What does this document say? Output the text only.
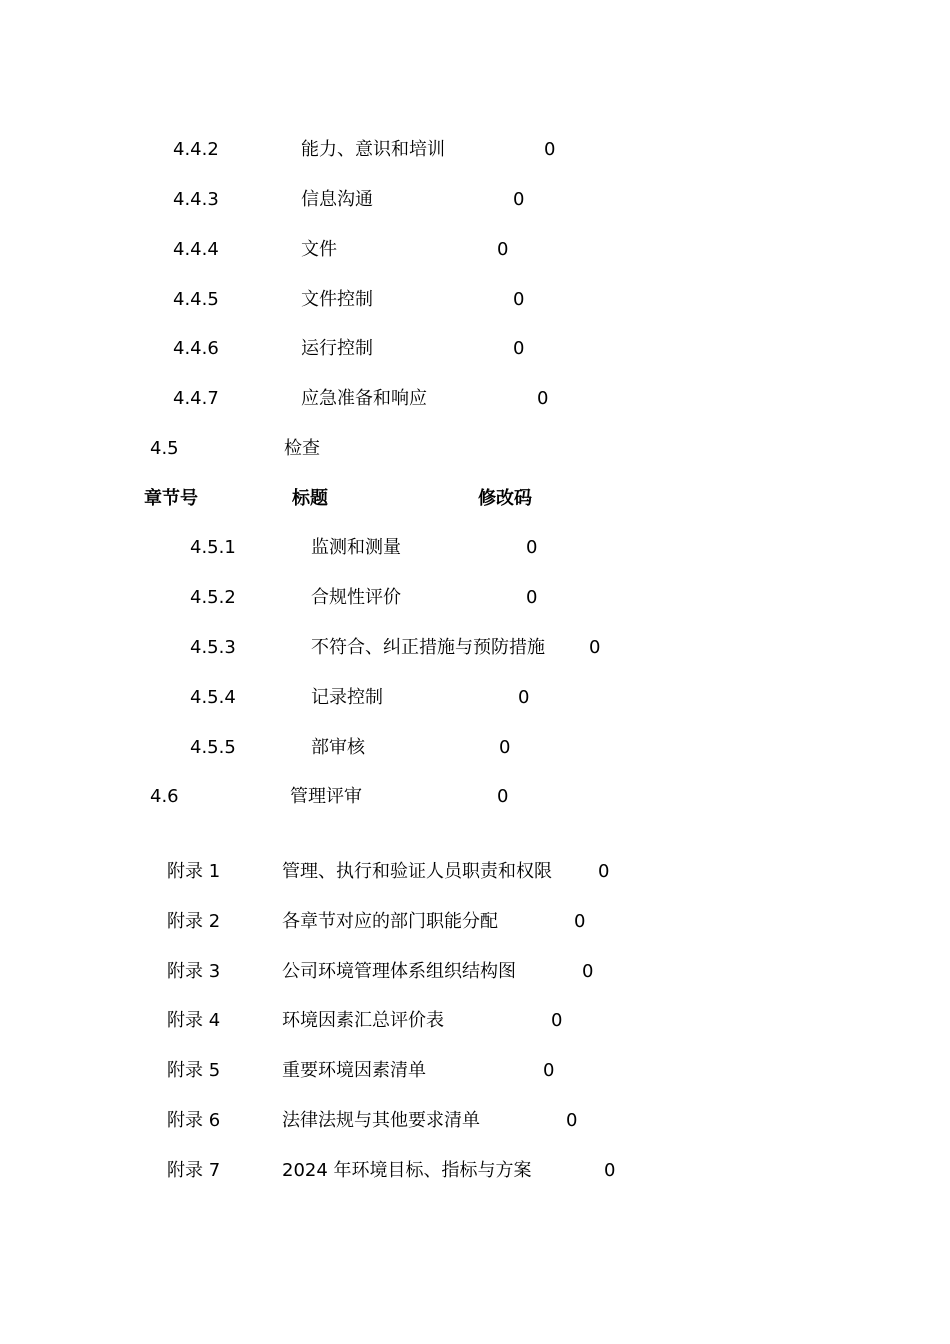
4.4.2	能力、意识和培训	0
4.4.3	信息沟通	0
4.4.4	文件	0
4.4.5	文件控制	0
4.4.6	运行控制	0
4.4.7	应急准备和响应	0
4.5	检查
章节号	标题	修改码
4.5.1	监测和测量	0
4.5.2	合规性评价	0
4.5.3	不符合、纠正措施与预防措施 0
4.5.4	记录控制	0
4.5.5	部审核	0
4.6	管理评审	0
附录 1	管理、执行和验证人员职责和权限	0
附录 2	各章节对应的部门职能分配	0
附录 3	公司环境管理体系组织结构图	0
附录 4	环境因素汇总评价表	0
附录 5	重要环境因素清单	0
附录 6	法律法规与其他要求清单	0
附录 7	2024 年环境目标、指标与方案	0
